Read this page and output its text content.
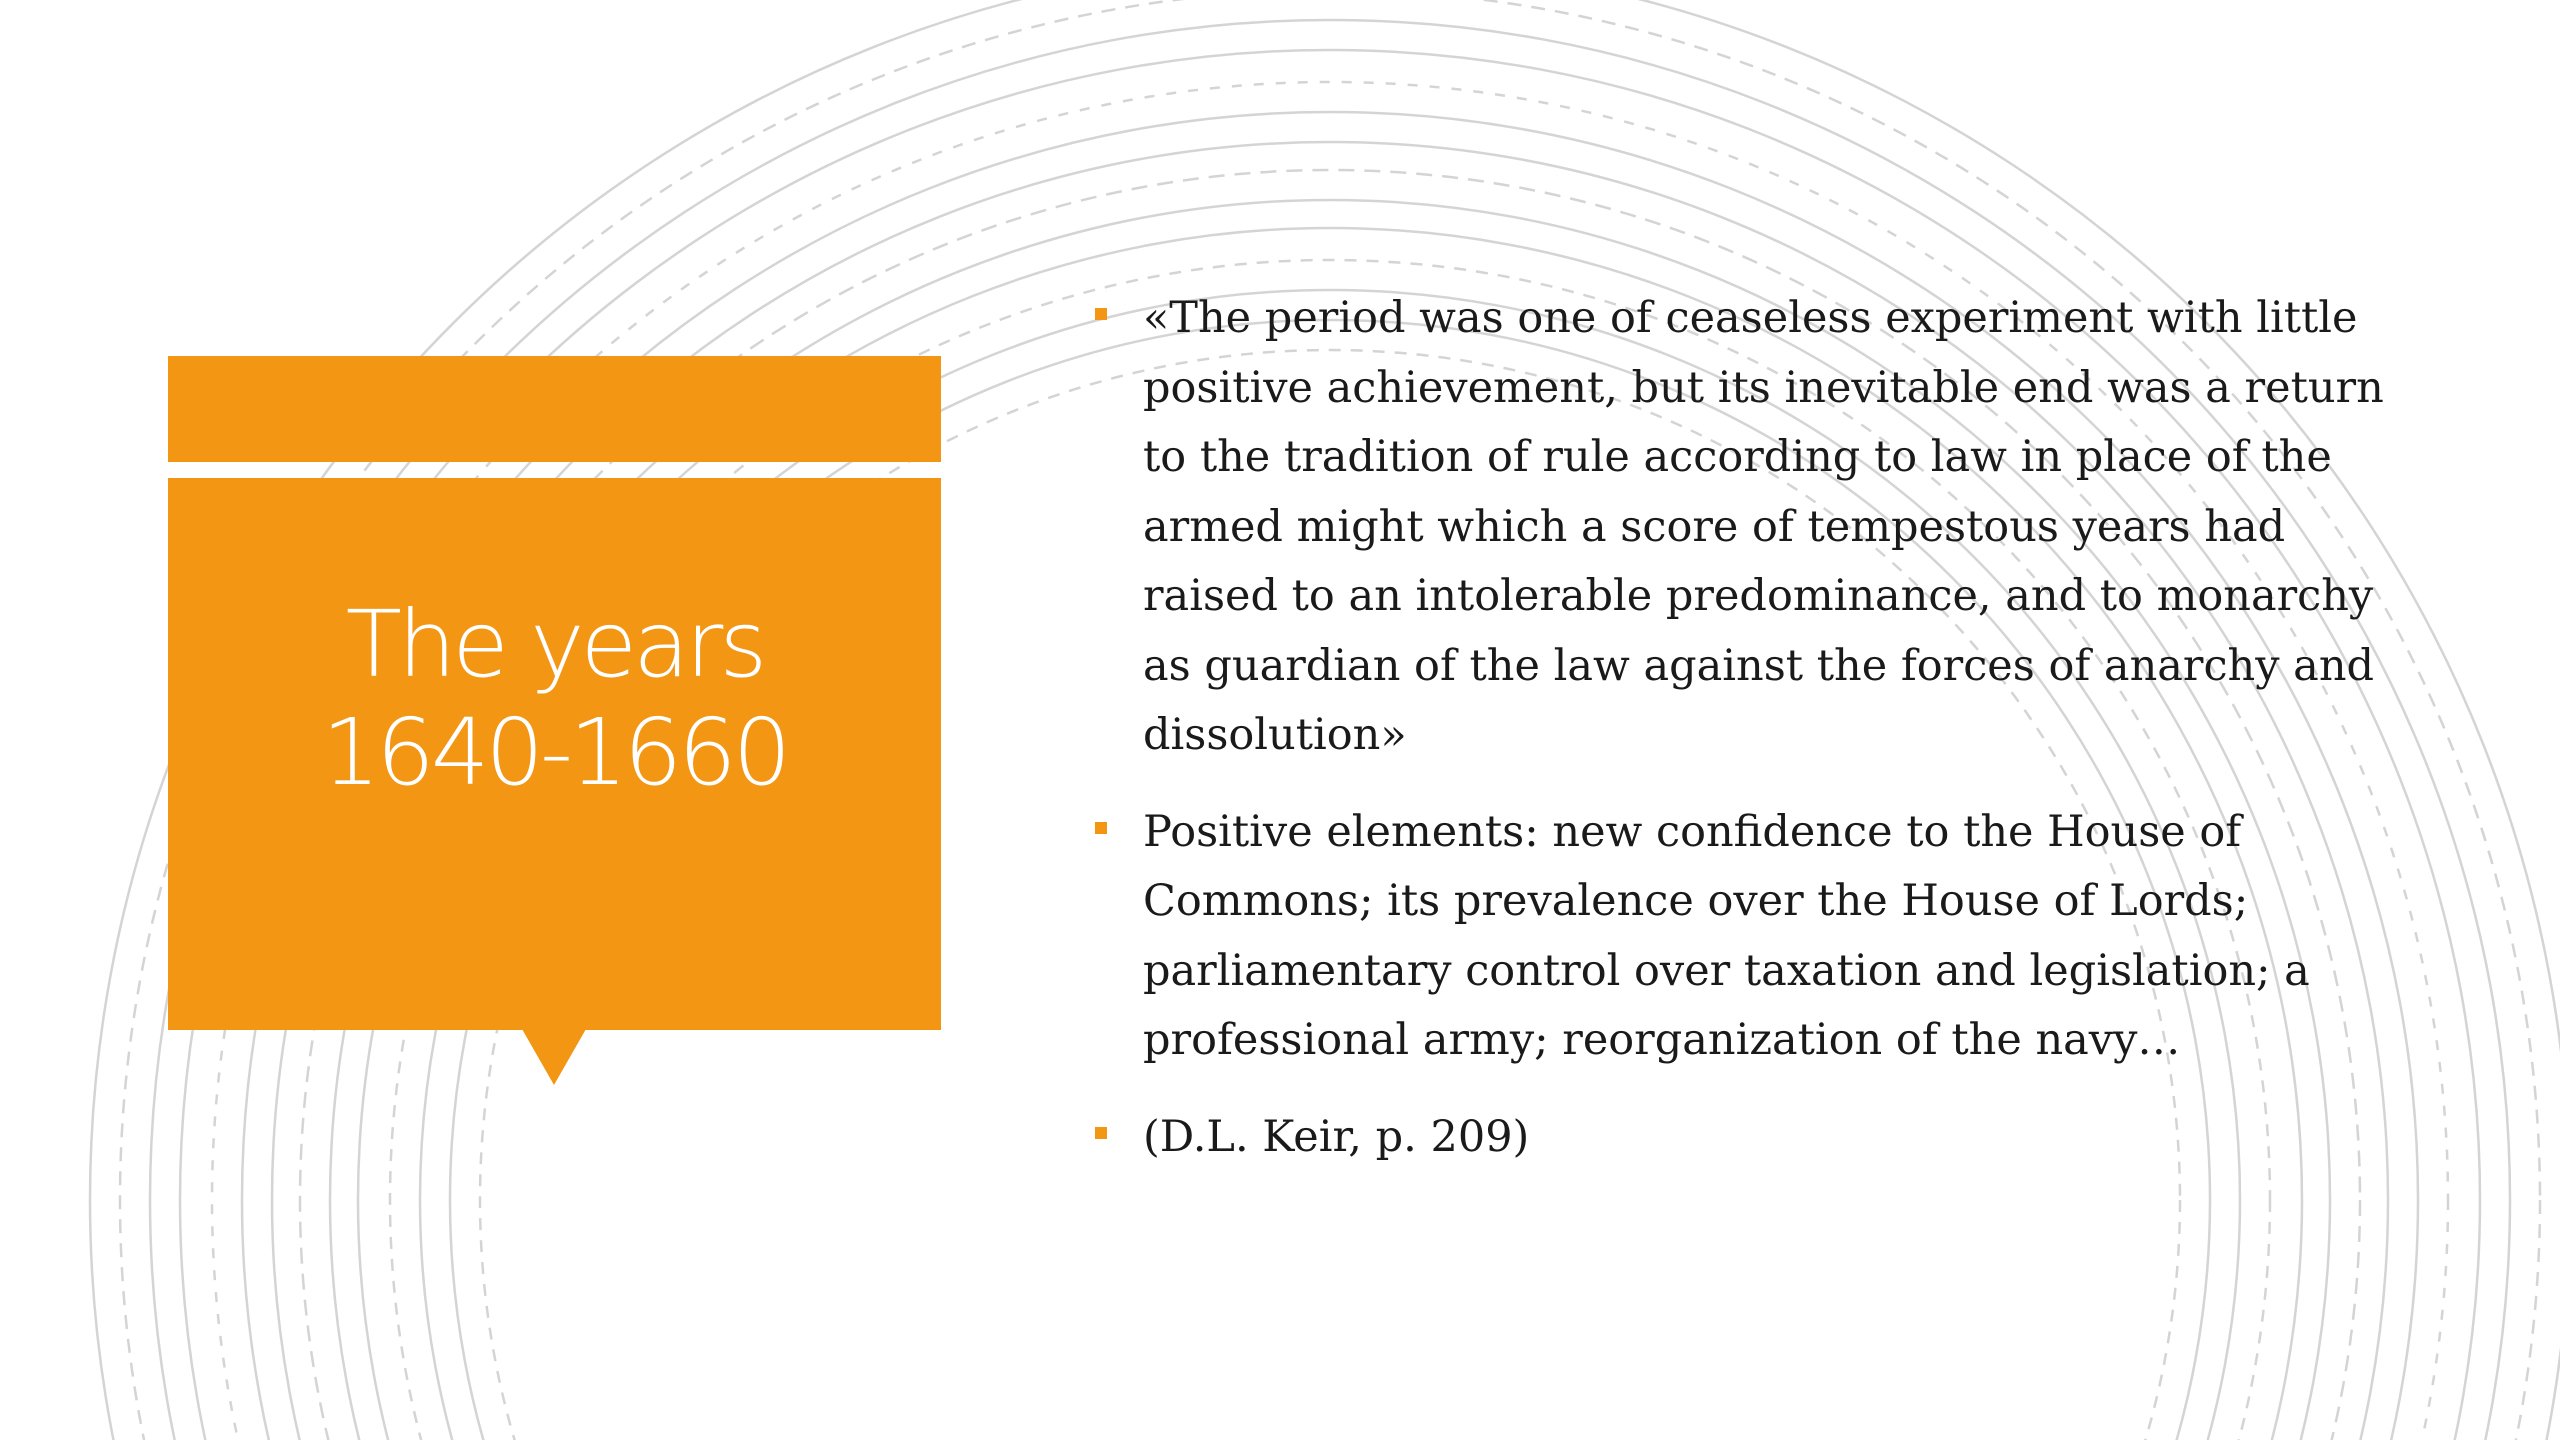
The years
1640-1660
«The period was one of ceaseless experiment with little positive achievement, but its inevitable end was a return to the tradition of rule according to law in place of the armed might which a score of tempestous years had raised to an intolerable predominance, and to monarchy as guardian of the law against the forces of anarchy and dissolution»
Positive elements: new confidence to the House of Commons; its prevalence over the House of Lords; parliamentary control over taxation and legislation; a professional army; reorganization of the navy…
(D.L. Keir, p. 209)
